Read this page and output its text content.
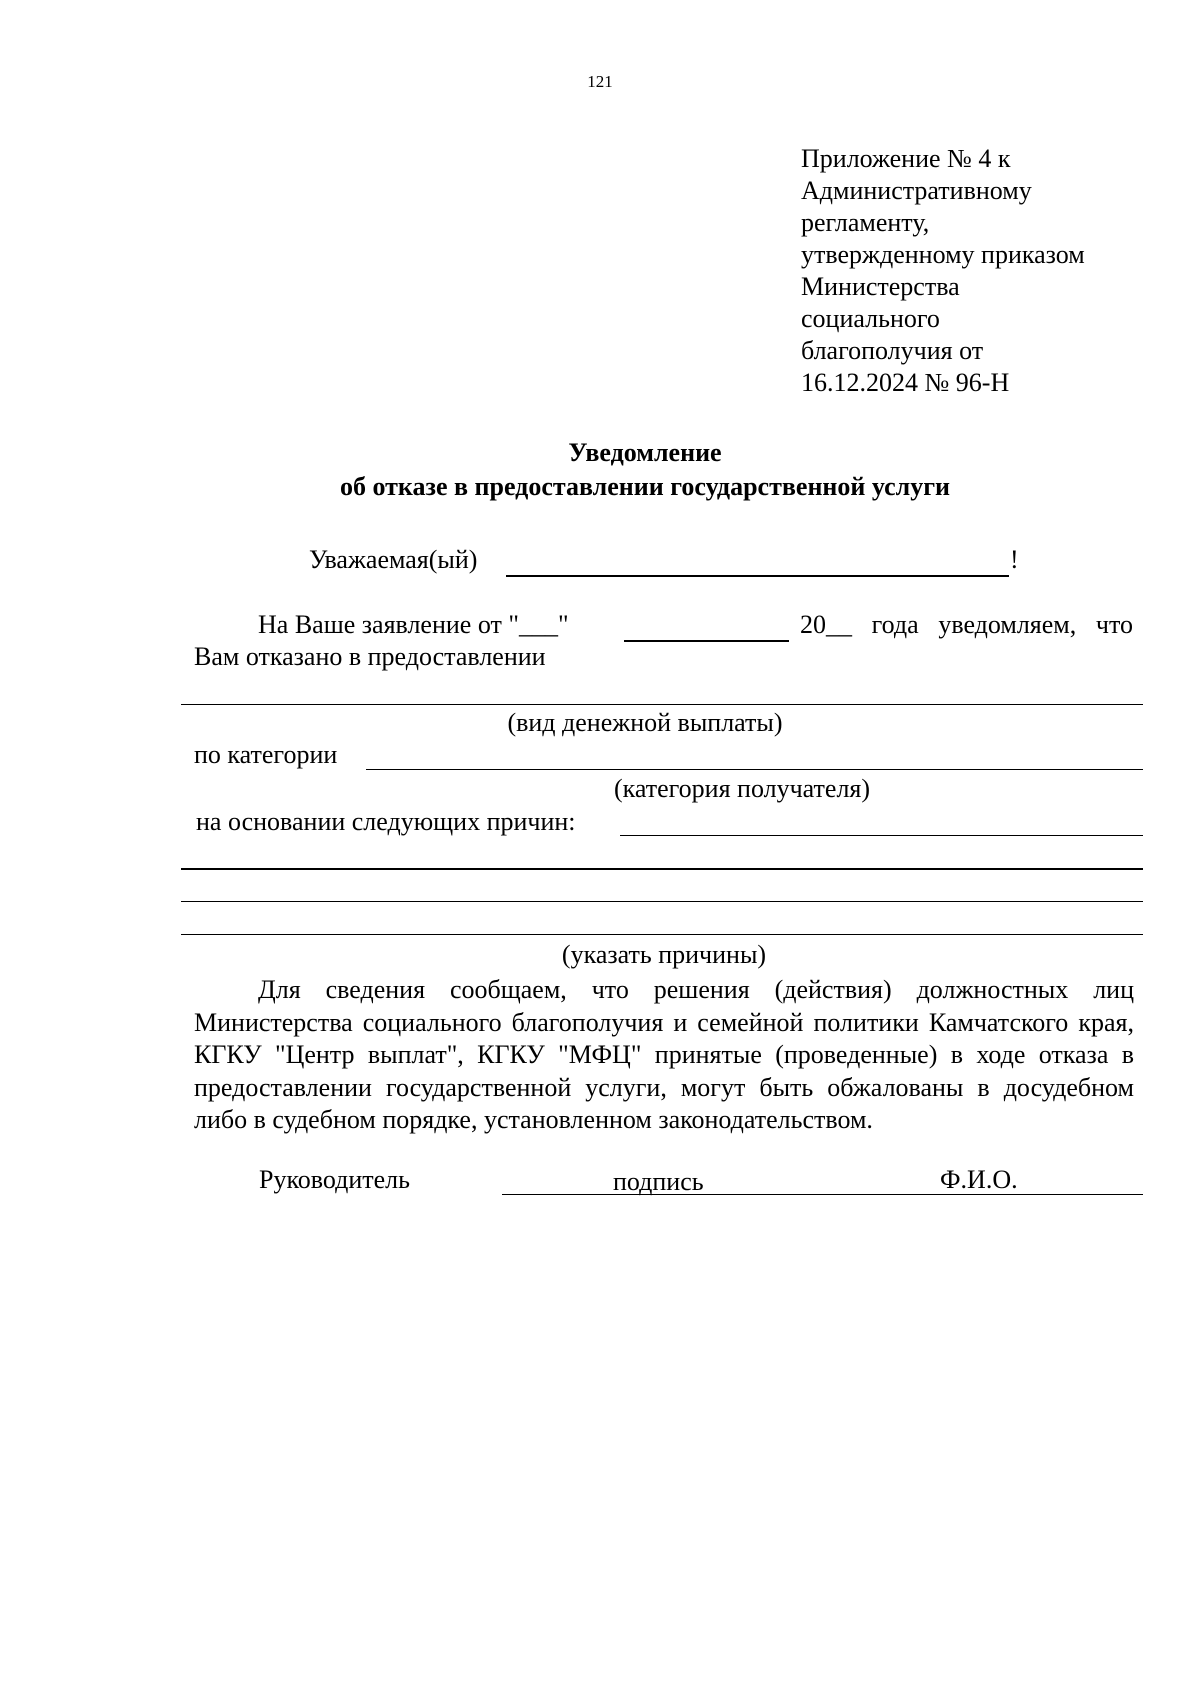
121
Приложение № 4 к
Административному
регламенту,
утвержденному приказом
Министерства
социального
благополучия от
16.12.2024 № 96-Н
Уведомление
об отказе в предоставлении государственной услуги
Уважаемая(ый)	!
На Ваше заявление от "___"	20__ года уведомляем, что
Вам отказано в предоставлении
(вид денежной выплаты)
по категории
(категория получателя)
на основании следующих причин:
(указать причины)

Для сведения сообщаем, что решения (действия) должностных лиц Министерства социального благополучия и семейной политики Камчатского края, КГКУ "Центр выплат", КГКУ "МФЦ" принятые (проведенные) в ходе отказа в предоставлении государственной услуги, могут быть обжалованы в досудебном либо в судебном порядке, установленном законодательством.

Руководитель	подпись	Ф.И.О.
